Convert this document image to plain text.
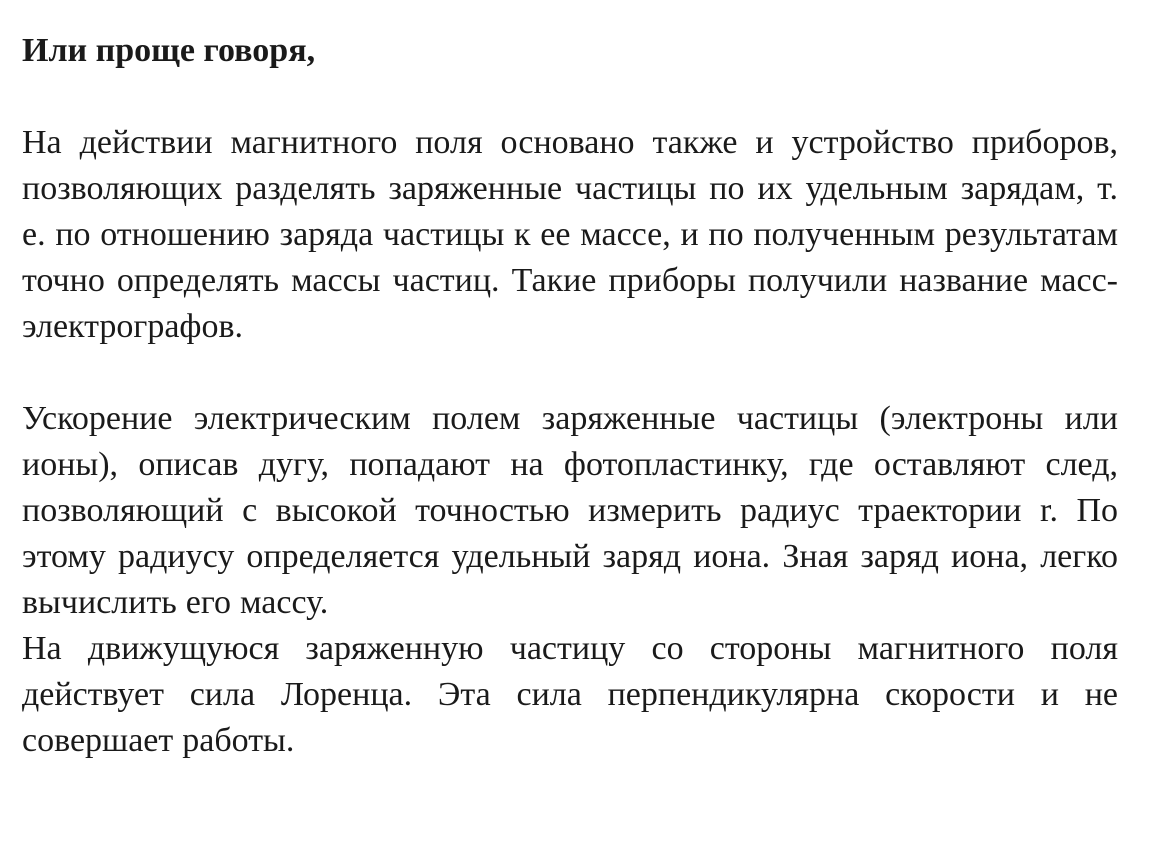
Или проще говоря,

На действии магнитного поля основано также и устройство приборов, позволяющих разделять заряженные частицы по их удельным зарядам, т. е. по отношению заряда частицы к ее массе, и по полученным результатам точно определять массы частиц. Такие приборы получили название масс-электрографов.

Ускорение электрическим полем заряженные частицы (электроны или ионы), описав дугу, попадают на фотопластинку, где оставляют след, позволяющий с высокой точностью измерить радиус траектории r. По этому радиусу определяется удельный заряд иона. Зная заряд иона, легко вычислить его массу.

На движущуюся заряженную частицу со стороны магнитного поля действует сила Лоренца. Эта сила перпендикулярна скорости и не совершает работы.
